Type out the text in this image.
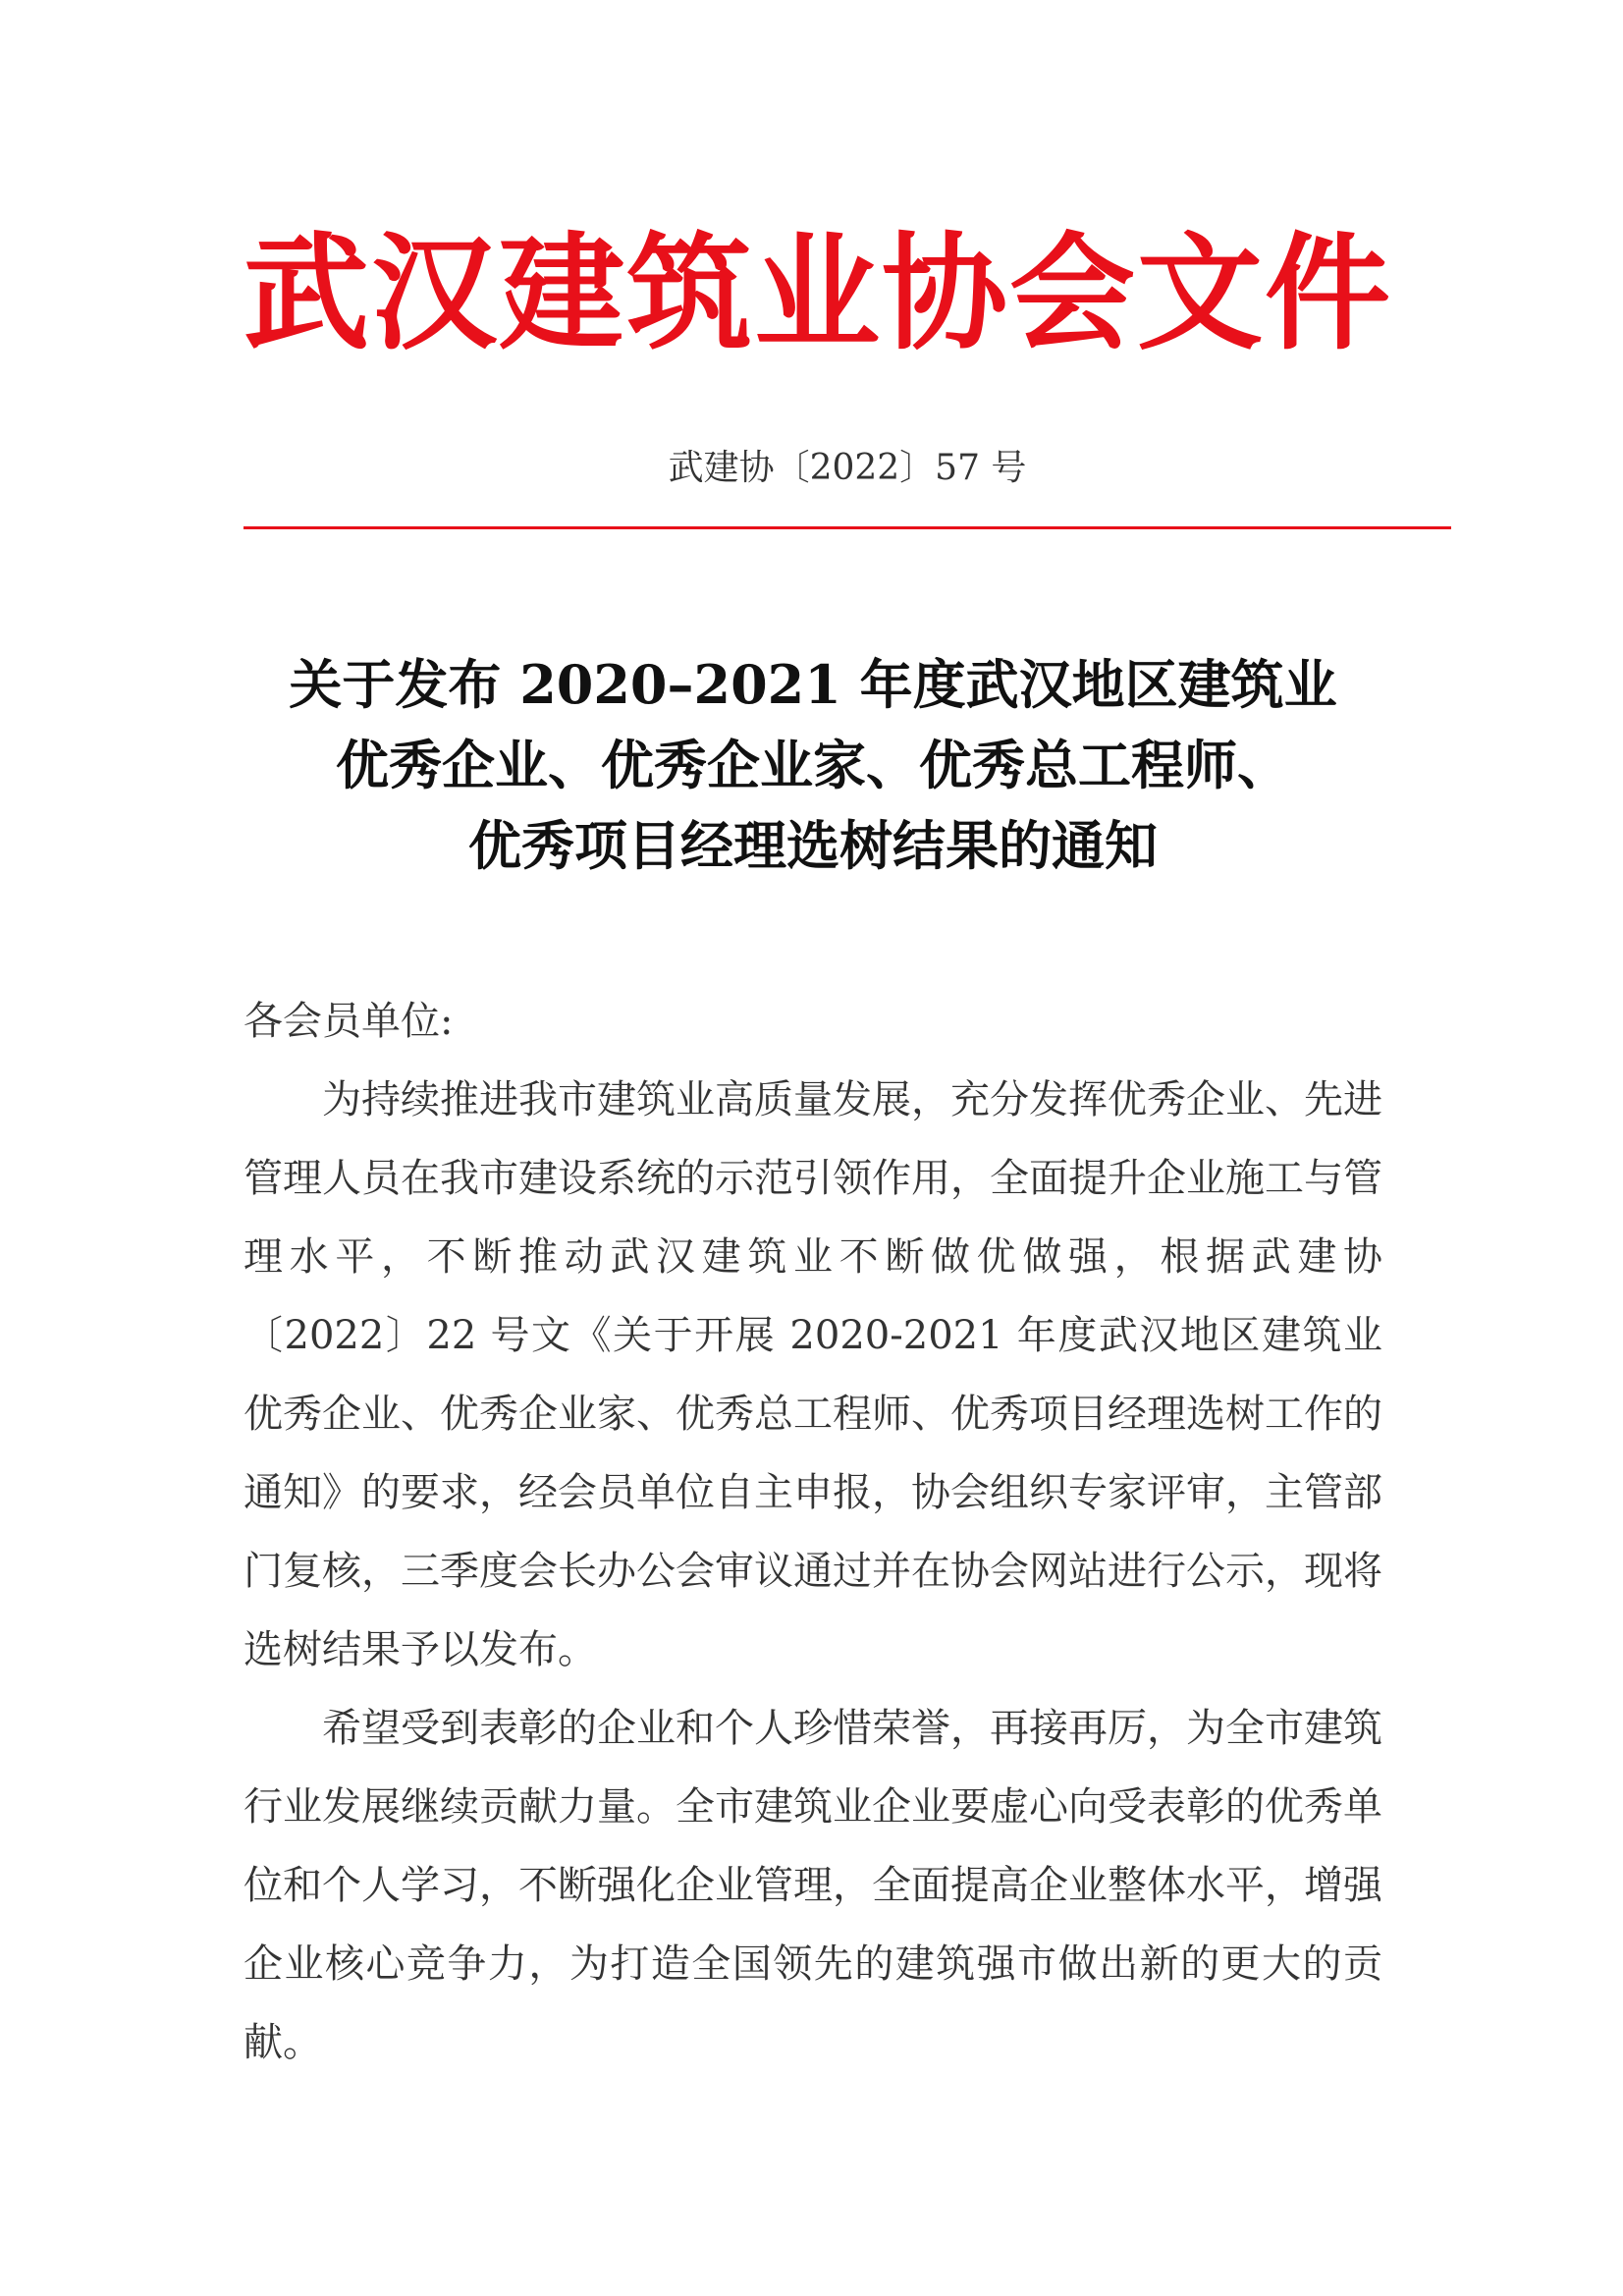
武汉建筑业协会文件
武建协〔2022〕57 号
关于发布 2020–2021 年度武汉地区建筑业
优秀企业、优秀企业家、优秀总工程师、
优秀项目经理选树结果的通知
各会员单位:

为持续推进我市建筑业高质量发展，充分发挥优秀企业、先进管理人员在我市建设系统的示范引领作用，全面提升企业施工与管理水平，不断推动武汉建筑业不断做优做强，根据武建协〔2022〕22 号文《关于开展 2020-2021 年度武汉地区建筑业优秀企业、优秀企业家、优秀总工程师、优秀项目经理选树工作的通知》的要求，经会员单位自主申报，协会组织专家评审，主管部门复核，三季度会长办公会审议通过并在协会网站进行公示，现将选树结果予以发布。

希望受到表彰的企业和个人珍惜荣誉，再接再厉，为全市建筑行业发展继续贡献力量。全市建筑业企业要虚心向受表彰的优秀单位和个人学习，不断强化企业管理，全面提高企业整体水平，增强企业核心竞争力，为打造全国领先的建筑强市做出新的更大的贡献。
